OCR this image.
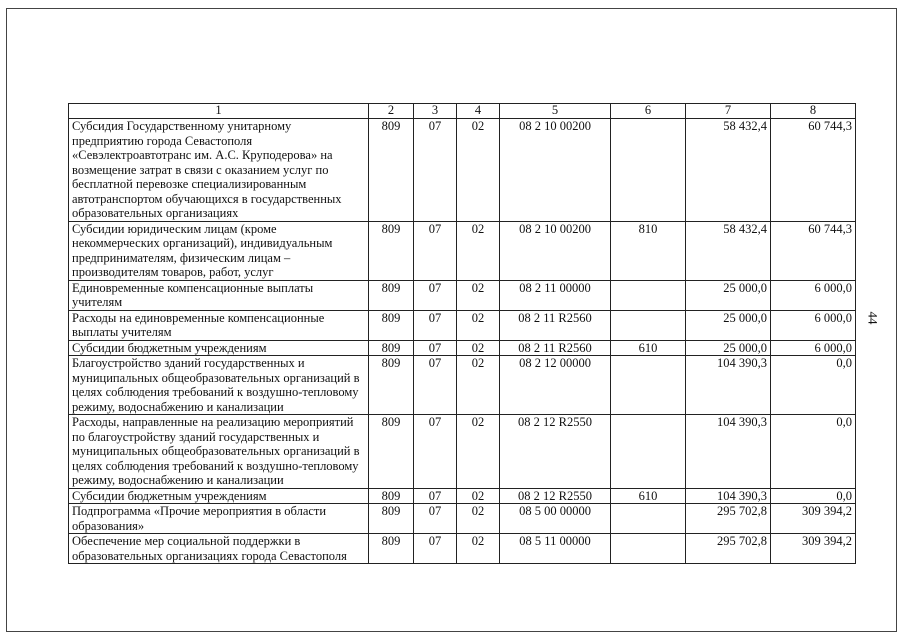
1	2	3	4	5	6	7	8
Субсидия Государственному унитарному предприятию города Севастополя «Севэлектроавтотранс им. А.С. Круподерова» на возмещение затрат в связи с оказанием услуг по бесплатной перевозке специализированным автотранспортом обучающихся в государственных образовательных организациях	809	07	02	08 2 10 00200		58 432,4	60 744,3
Субсидии юридическим лицам (кроме некоммерческих организаций), индивидуальным предпринимателям, физическим лицам – производителям товаров, работ, услуг	809	07	02	08 2 10 00200	810	58 432,4	60 744,3
Единовременные компенсационные выплаты учителям	809	07	02	08 2 11 00000		25 000,0	6 000,0
Расходы на единовременные компенсационные выплаты учителям	809	07	02	08 2 11 R2560		25 000,0	6 000,0
Субсидии бюджетным учреждениям	809	07	02	08 2 11 R2560	610	25 000,0	6 000,0
Благоустройство зданий государственных и муниципальных общеобразовательных организаций в целях соблюдения требований к воздушно-тепловому режиму, водоснабжению и канализации	809	07	02	08 2 12 00000		104 390,3	0,0
Расходы, направленные на реализацию мероприятий по благоустройству зданий государственных и муниципальных общеобразовательных организаций в целях соблюдения требований к воздушно-тепловому режиму, водоснабжению и канализации	809	07	02	08 2 12 R2550		104 390,3	0,0
Субсидии бюджетным учреждениям	809	07	02	08 2 12 R2550	610	104 390,3	0,0
Подпрограмма «Прочие мероприятия в области образования»	809	07	02	08 5 00 00000		295 702,8	309 394,2
Обеспечение мер социальной поддержки в образовательных организациях города Севастополя	809	07	02	08 5 11 00000		295 702,8	309 394,2
44
